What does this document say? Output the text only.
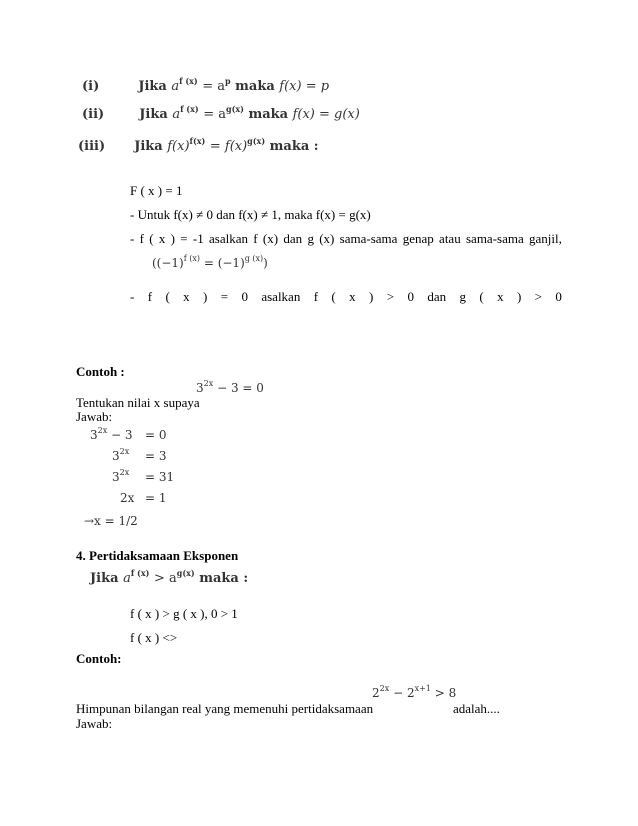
(i)	Jika $a^{f (x)} = a^p$ maka f(x) = p
(ii)	Jika $a^{f (x)} = a^{g(x)}$ maka f(x) = g(x)
(iii) Jika $f(x)^{f(x)} = f(x)^{g(x)}$ maka :
F ( x ) = 1
- Untuk f(x) ≠ 0 dan f(x) ≠ 1, maka f(x) = g(x)
- f ( x ) = -1 asalkan f (x) dan g (x) sama-sama genap atau sama-sama ganjil,
$((-1)^{f (x)} = (-1)^{g (x)})$
- f ( x ) = 0 asalkan f ( x ) > 0 dan g ( x ) > 0
Contoh :
Tentukan nilai x supaya
$3^{2x} - 3 = 0$
Jawab:
$3^{2x} - 3 = 0$
$3^{2x} = 3$
$3^{2x} = 31$
2x = 1
→x = 1/2
4. Pertidaksamaan Eksponen
Jika $a^{f (x)} > a^{g(x)}$ maka :
f ( x ) > g ( x ), 0 > 1
f ( x ) <>
Contoh:
$2^{2x} - 2^{x+1} > 8$
Himpunan bilangan real yang memenuhi pertidaksamaan	adalah....
Jawab:
